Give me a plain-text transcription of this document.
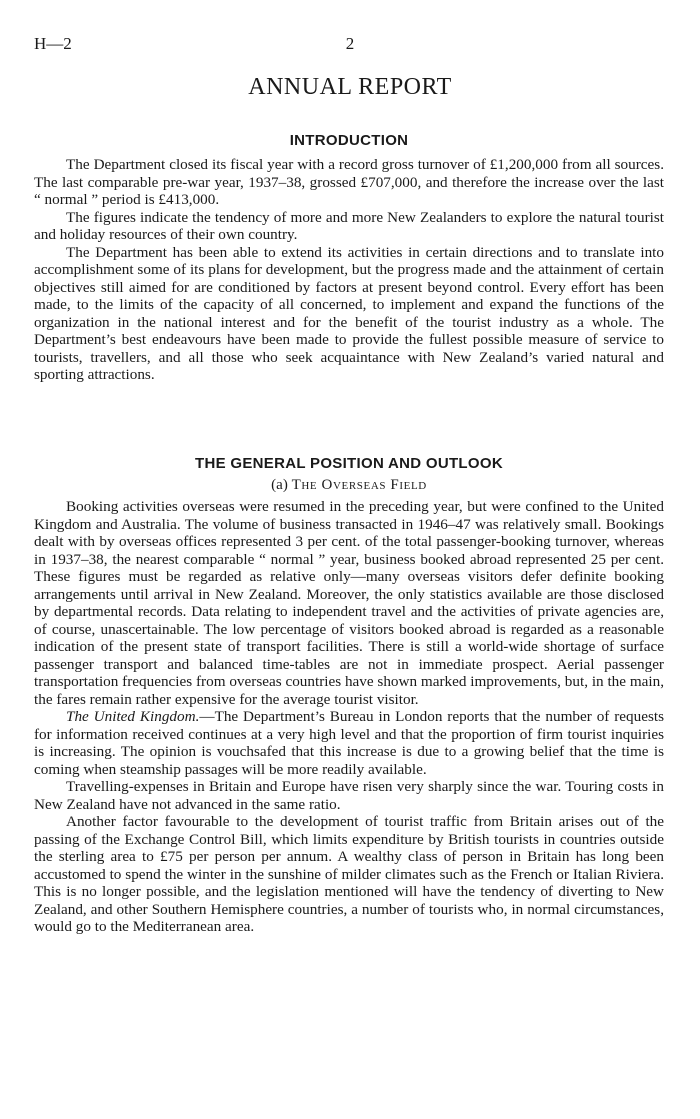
H—2	2
ANNUAL REPORT
INTRODUCTION

The Department closed its fiscal year with a record gross turnover of £1,200,000 from all sources. The last comparable pre-war year, 1937–38, grossed £707,000, and therefore the increase over the last “ normal ” period is £413,000.

The figures indicate the tendency of more and more New Zealanders to explore the natural tourist and holiday resources of their own country.

The Department has been able to extend its activities in certain directions and to translate into accomplishment some of its plans for development, but the progress made and the attainment of certain objectives still aimed for are conditioned by factors at present beyond control. Every effort has been made, to the limits of the capacity of all concerned, to implement and expand the functions of the organization in the national interest and for the benefit of the tourist industry as a whole. The Department’s best endeavours have been made to provide the fullest possible measure of service to tourists, travellers, and all those who seek acquaintance with New Zealand’s varied natural and sporting attractions.

THE GENERAL POSITION AND OUTLOOK
(a) The Overseas Field

Booking activities overseas were resumed in the preceding year, but were confined to the United Kingdom and Australia. The volume of business transacted in 1946–47 was relatively small. Bookings dealt with by overseas offices represented 3 per cent. of the total passenger-booking turnover, whereas in 1937–38, the nearest comparable “ normal ” year, business booked abroad represented 25 per cent. These figures must be regarded as relative only—many overseas visitors defer definite booking arrangements until arrival in New Zealand. Moreover, the only statistics available are those disclosed by departmental records. Data relating to independent travel and the activities of private agencies are, of course, unascertainable. The low percentage of visitors booked abroad is regarded as a reasonable indication of the present state of transport facilities. There is still a world-wide shortage of surface passenger transport and balanced time-tables are not in immediate prospect. Aerial passenger transportation frequencies from overseas countries have shown marked improvements, but, in the main, the fares remain rather expensive for the average tourist visitor.

The United Kingdom.—The Department’s Bureau in London reports that the number of requests for information received continues at a very high level and that the proportion of firm tourist inquiries is increasing. The opinion is vouchsafed that this increase is due to a growing belief that the time is coming when steamship passages will be more readily available.

Travelling-expenses in Britain and Europe have risen very sharply since the war. Touring costs in New Zealand have not advanced in the same ratio.

Another factor favourable to the development of tourist traffic from Britain arises out of the passing of the Exchange Control Bill, which limits expenditure by British tourists in countries outside the sterling area to £75 per person per annum. A wealthy class of person in Britain has long been accustomed to spend the winter in the sunshine of milder climates such as the French or Italian Riviera. This is no longer possible, and the legislation mentioned will have the tendency of diverting to New Zealand, and other Southern Hemisphere countries, a number of tourists who, in normal circumstances, would go to the Mediterranean area.
